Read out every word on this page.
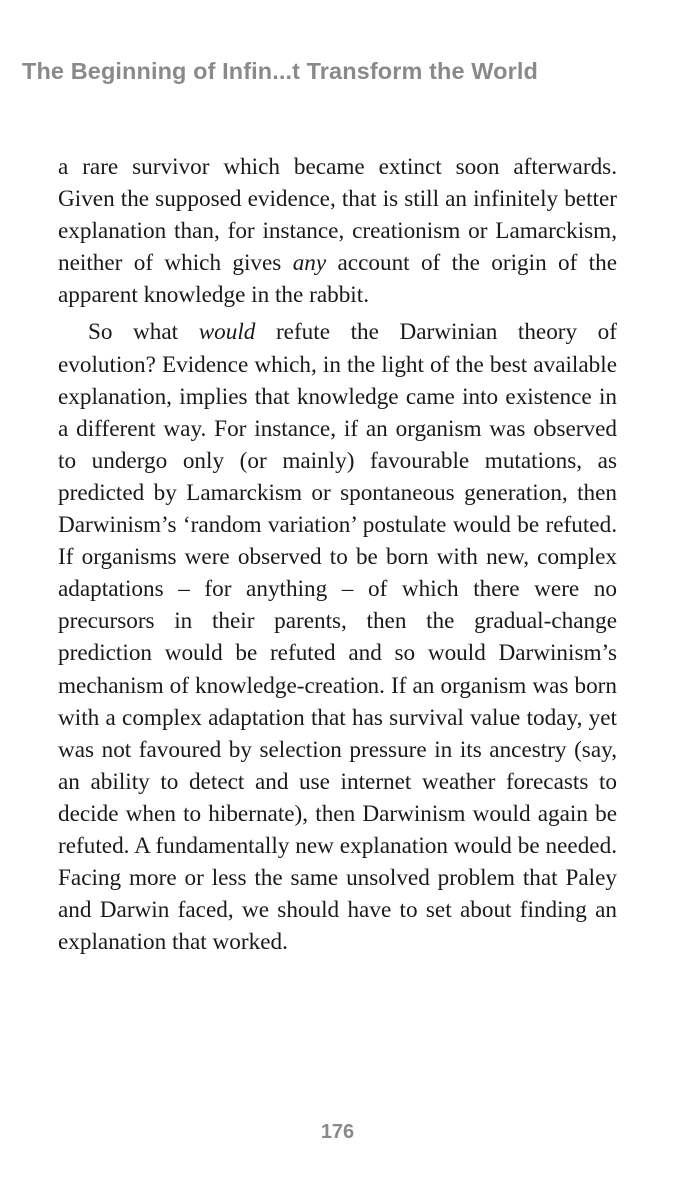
The Beginning of Infin...t Transform the World

a rare survivor which became extinct soon afterwards. Given the supposed evidence, that is still an infinitely better explanation than, for instance, creationism or Lamarckism, neither of which gives any account of the origin of the apparent knowledge in the rabbit.

So what would refute the Darwinian theory of evolution? Evidence which, in the light of the best available explanation, implies that knowledge came into existence in a different way. For instance, if an organism was observed to undergo only (or mainly) favourable mutations, as predicted by Lamarckism or spontaneous generation, then Darwinism’s ‘random variation’ postulate would be refuted. If organisms were observed to be born with new, complex adaptations – for anything – of which there were no precursors in their parents, then the gradual-change prediction would be refuted and so would Darwinism’s mechanism of knowledge-creation. If an organism was born with a complex adaptation that has survival value today, yet was not favoured by selection pressure in its ancestry (say, an ability to detect and use internet weather forecasts to decide when to hibernate), then Darwinism would again be refuted. A fundamentally new explanation would be needed. Facing more or less the same unsolved problem that Paley and Darwin faced, we should have to set about finding an explanation that worked.

176
